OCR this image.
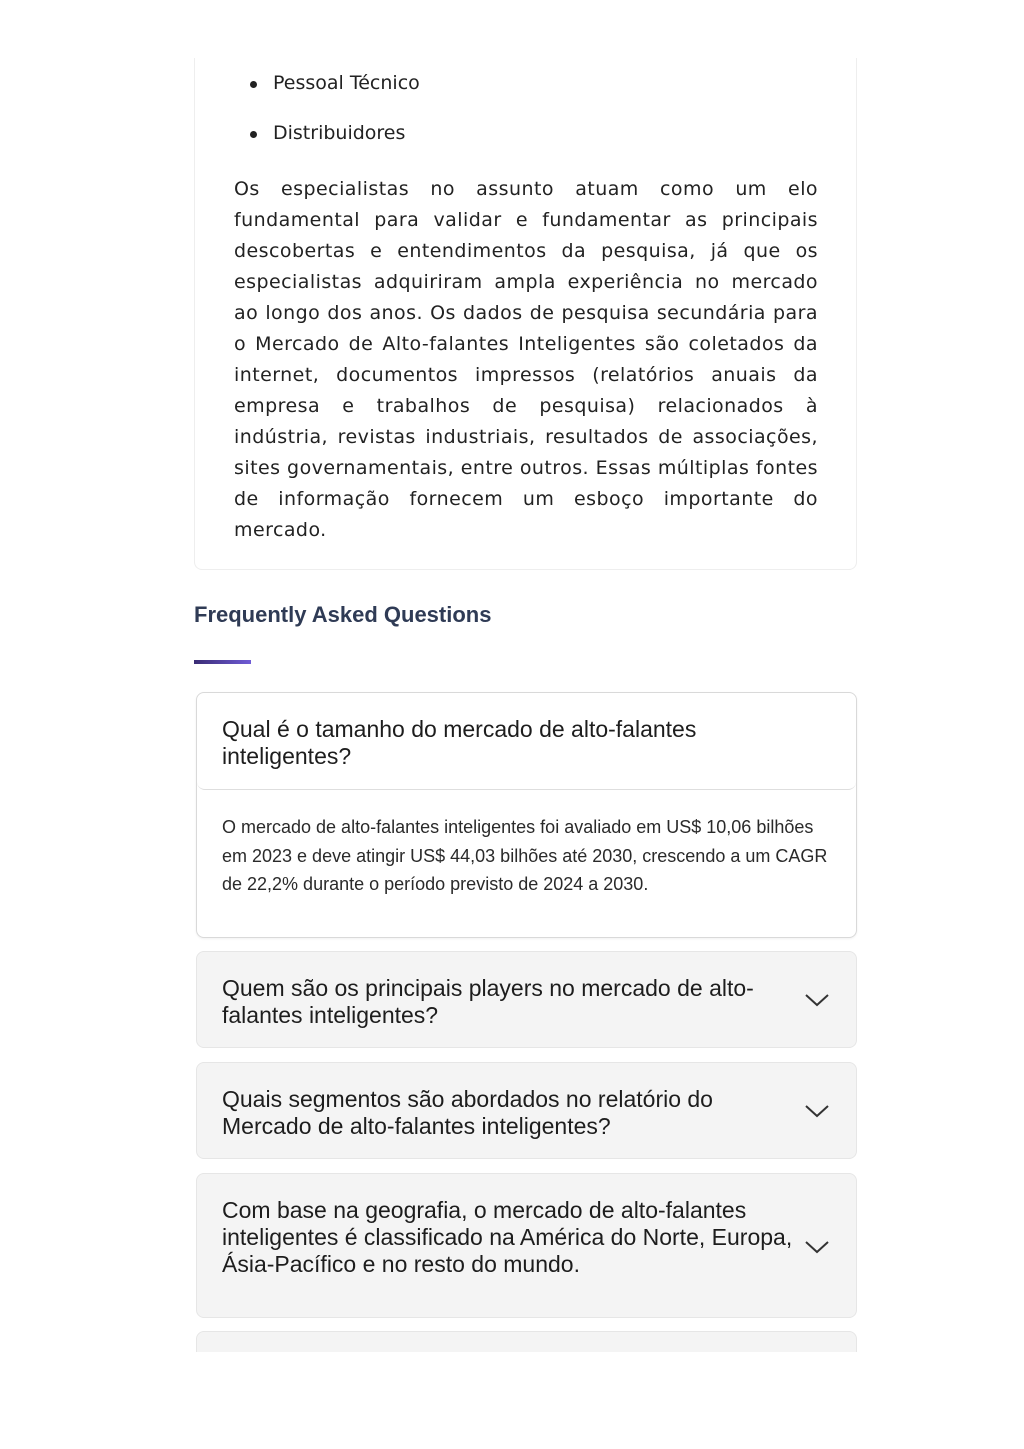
Pessoal Técnico
Distribuidores

Os especialistas no assunto atuam como um elo fundamental para validar e fundamentar as principais descobertas e entendimentos da pesquisa, já que os especialistas adquiriram ampla experiência no mercado ao longo dos anos. Os dados de pesquisa secundária para o Mercado de Alto-falantes Inteligentes são coletados da internet, documentos impressos (relatórios anuais da empresa e trabalhos de pesquisa) relacionados à indústria, revistas industriais, resultados de associações, sites governamentais, entre outros. Essas múltiplas fontes de informação fornecem um esboço importante do mercado.

Frequently Asked Questions

Qual é o tamanho do mercado de alto-falantes inteligentes?

O mercado de alto-falantes inteligentes foi avaliado em US$ 10,06 bilhões em 2023 e deve atingir US$ 44,03 bilhões até 2030, crescendo a um CAGR de 22,2% durante o período previsto de 2024 a 2030.

Quem são os principais players no mercado de alto-falantes inteligentes?

Quais segmentos são abordados no relatório do Mercado de alto-falantes inteligentes?

Com base na geografia, o mercado de alto-falantes inteligentes é classificado na América do Norte, Europa, Ásia-Pacífico e no resto do mundo.
